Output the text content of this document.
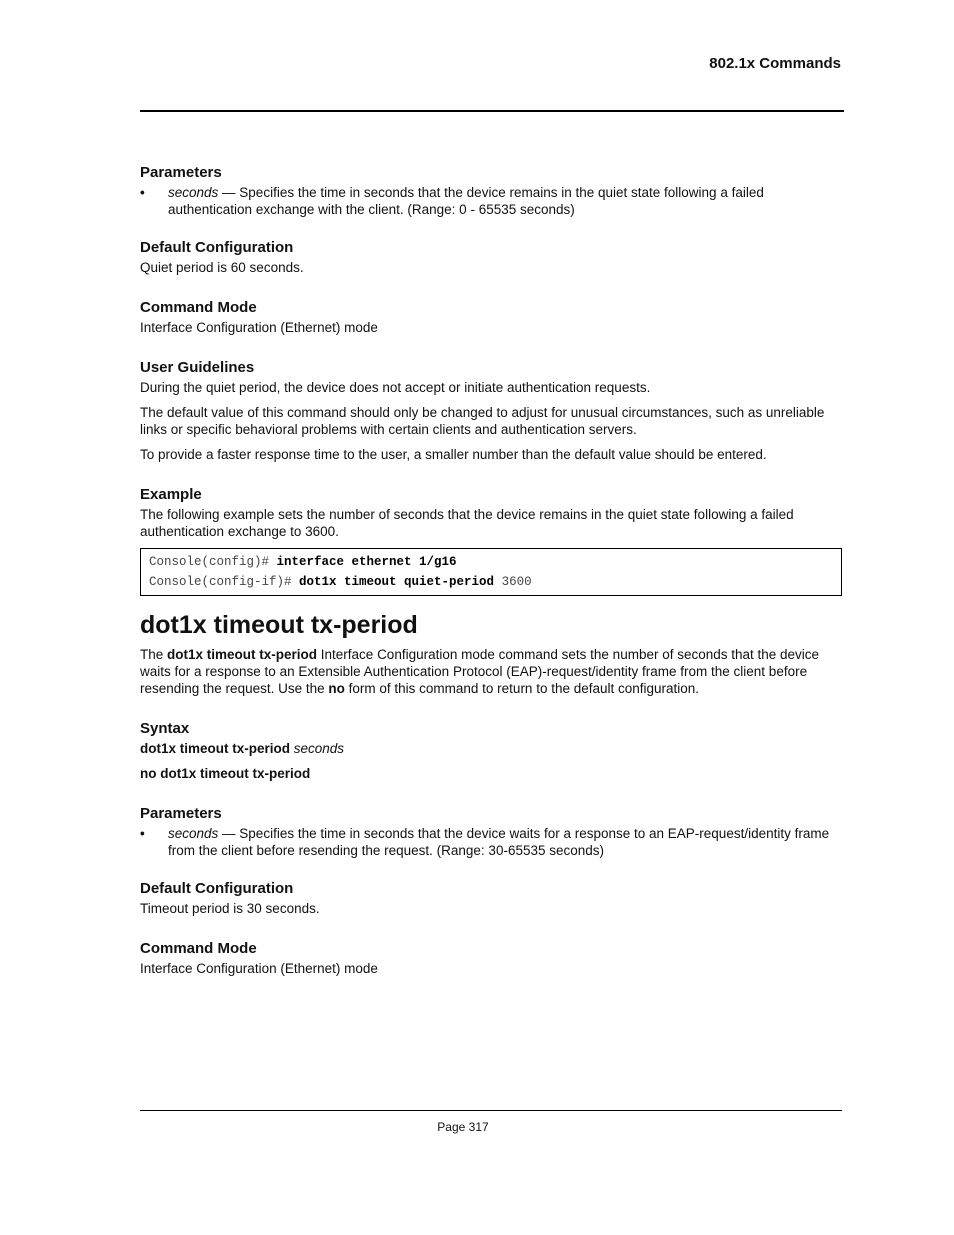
802.1x Commands
Parameters
•	seconds — Specifies the time in seconds that the device remains in the quiet state following a failed authentication exchange with the client. (Range: 0 - 65535 seconds)
Default Configuration

Quiet period is 60 seconds.

Command Mode

Interface Configuration (Ethernet) mode

User Guidelines

During the quiet period, the device does not accept or initiate authentication requests.

The default value of this command should only be changed to adjust for unusual circumstances, such as unreliable links or specific behavioral problems with certain clients and authentication servers.

To provide a faster response time to the user, a smaller number than the default value should be entered.

Example

The following example sets the number of seconds that the device remains in the quiet state following a failed authentication exchange to 3600.

Console(config)# interface ethernet 1/g16
Console(config-if)# dot1x timeout quiet-period 3600
dot1x timeout tx-period

The dot1x timeout tx-period Interface Configuration mode command sets the number of seconds that the device waits for a response to an Extensible Authentication Protocol (EAP)-request/identity frame from the client before resending the request. Use the no form of this command to return to the default configuration.

Syntax

dot1x timeout tx-period seconds

no dot1x timeout tx-period

Parameters
•	seconds — Specifies the time in seconds that the device waits for a response to an EAP-request/identity frame from the client before resending the request. (Range: 30-65535 seconds)
Default Configuration

Timeout period is 30 seconds.

Command Mode

Interface Configuration (Ethernet) mode

Page 317
